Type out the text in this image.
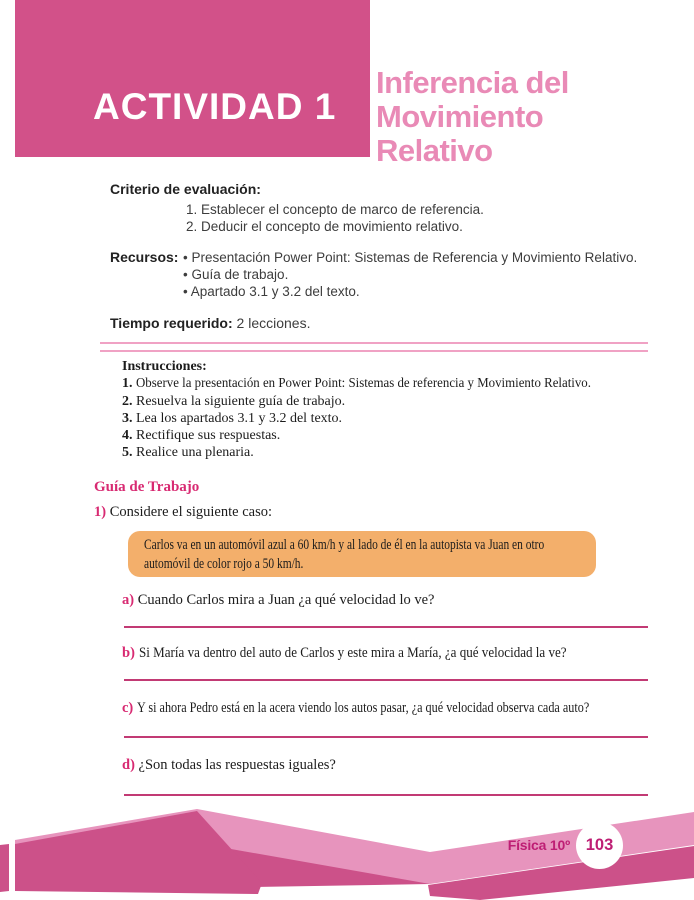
ACTIVIDAD 1
Inferencia del
Movimiento
Relativo
Criterio de evaluación:
1. Establecer el concepto de marco de referencia.
2. Deducir el concepto de movimiento relativo.
Recursos: • Presentación Power Point: Sistemas de Referencia y Movimiento Relativo.
• Guía de trabajo.
• Apartado 3.1 y 3.2 del texto.
Tiempo requerido: 2 lecciones.
Instrucciones:
1. Observe la presentación en Power Point: Sistemas de referencia y Movimiento Relativo.
2. Resuelva la siguiente guía de trabajo.
3. Lea los apartados 3.1 y 3.2 del texto.
4. Rectifique sus respuestas.
5. Realice una plenaria.
Guía de Trabajo
1) Considere el siguiente caso:
Carlos va en un automóvil azul a 60 km/h y al lado de él en la autopista va Juan en otro automóvil de color rojo a 50 km/h.
a) Cuando Carlos mira a Juan ¿a qué velocidad lo ve?
b) Si María va dentro del auto de Carlos y este mira a María, ¿a qué velocidad la ve?
c) Y si ahora Pedro está en la acera viendo los autos pasar, ¿a qué velocidad observa cada auto?
d) ¿Son todas las respuestas iguales?
Física 10º 103
